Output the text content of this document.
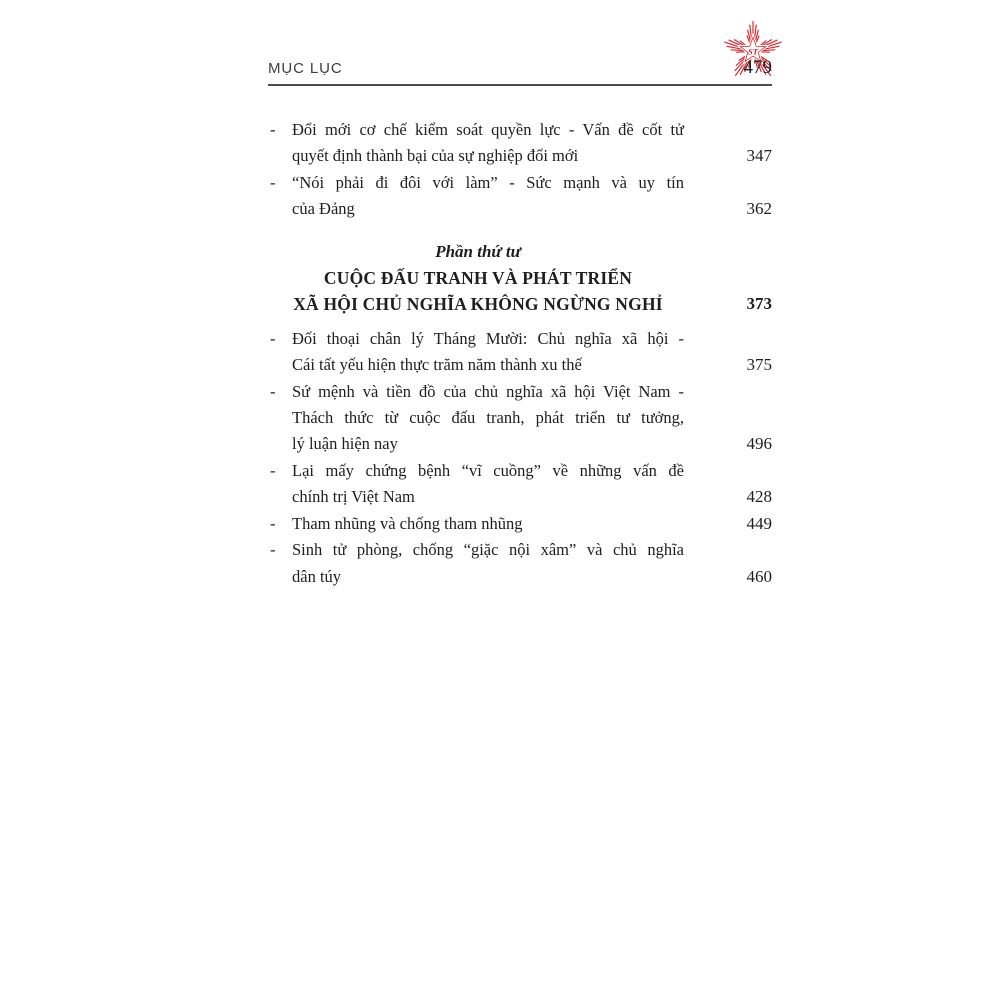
ST
MỤC LỤC	479
- Đổi mới cơ chế kiểm soát quyền lực - Vấn đề cốt tử
quyết định thành bại của sự nghiệp đổi mới	347
- “Nói phải đi đôi với làm” - Sức mạnh và uy tín
của Đảng	362
Phần thứ tư
CUỘC ĐẤU TRANH VÀ PHÁT TRIỂN
XÃ HỘI CHỦ NGHĨA KHÔNG NGỪNG NGHỈ	373
- Đối thoại chân lý Tháng Mười: Chủ nghĩa xã hội -
Cái tất yếu hiện thực trăm năm thành xu thế	375
- Sứ mệnh và tiền đồ của chủ nghĩa xã hội Việt Nam -
Thách thức từ cuộc đấu tranh, phát triển tư tưởng,
lý luận hiện nay	496
- Lại mấy chứng bệnh “vĩ cuồng” về những vấn đề
chính trị Việt Nam	428
- Tham nhũng và chống tham nhũng	449
- Sinh tử phòng, chống “giặc nội xâm” và chủ nghĩa
dân túy	460
